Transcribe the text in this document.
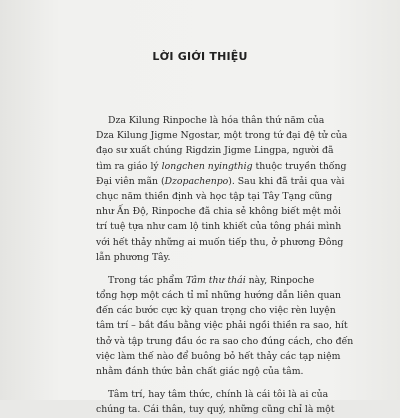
LỜI GIỚI THIỆU
Dza Kilung Rinpoche là hóa thân thứ năm của
Dza Kilung Jigme Ngostar, một trong tứ đại đệ tử của
đạo sư xuất chúng Rigdzin Jigme Lingpa, người đã
tìm ra giáo lý longchen nyingthig thuộc truyền thống
Đại viên mãn (Dzopachenpo). Sau khi đã trải qua vài
chục năm thiền định và học tập tại Tây Tạng cũng
như Ấn Độ, Rinpoche đã chia sẻ không biết mệt mỏi
trí tuệ tựa như cam lộ tinh khiết của tông phái mình
với hết thảy những ai muốn tiếp thu, ở phương Đông
lẫn phương Tây.
Trong tác phẩm Tâm thư thái này, Rinpoche
tổng hợp một cách tỉ mỉ những hướng dẫn liên quan
đến các bước cực kỳ quan trọng cho việc rèn luyện
tâm trí – bắt đầu bằng việc phải ngồi thiền ra sao, hít
thở và tập trung đầu óc ra sao cho đúng cách, cho đến
việc làm thế nào để buông bỏ hết thảy các tạp niệm
nhằm đánh thức bản chất giác ngộ của tâm.
Tâm trí, hay tâm thức, chính là cái tôi là ai của
chúng ta. Cái thân, tuy quý, những cũng chỉ là một
